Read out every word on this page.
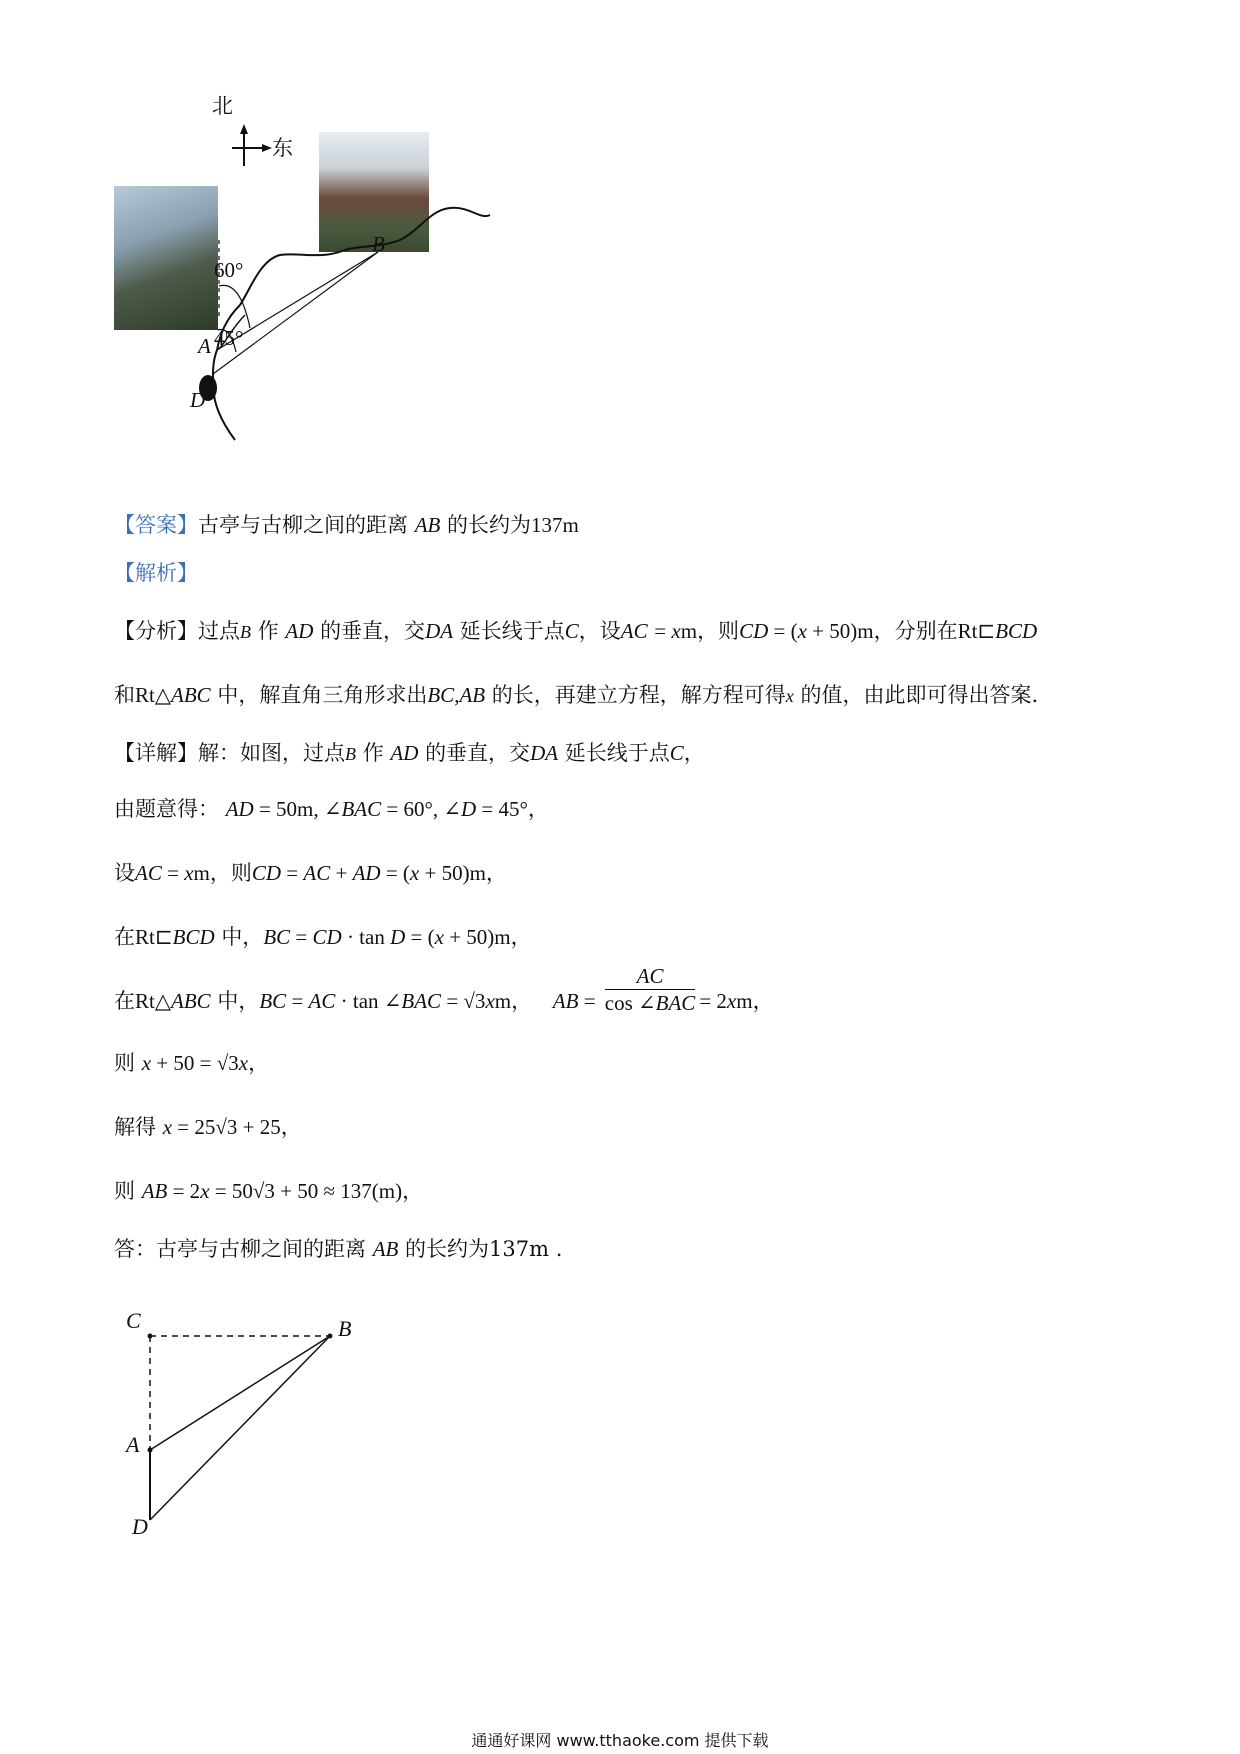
北
东
B
A
D
60°
45°
【答案】古亭与古柳之间的距离 AB 的长约为137m
【解析】
【分析】过点B 作 AD 的垂直，交DA 延长线于点C，设AC = xm，则CD = (x + 50)m，分别在Rt⊏BCD
和Rt△ABC 中，解直角三角形求出BC,AB 的长，再建立方程，解方程可得x 的值，由此即可得出答案.
【详解】解：如图，过点B 作 AD 的垂直，交DA 延长线于点C，
由题意得： AD = 50m, ∠BAC = 60°, ∠D = 45°，
设AC = xm，则CD = AC + AD = (x + 50)m，
在Rt⊏BCD 中，BC = CD · tan D = (x + 50)m，
在Rt△ABC 中，BC = AC · tan ∠BAC = √3xm， AB = $\frac{AC}{\text{cos ∠BAC}} = 2xm$，
则 x + 50 = √3x，
解得 x = 25√3 + 25，
则 AB = 2x = 50√3 + 50 ≈ 137(m)，
答：古亭与古柳之间的距离 AB 的长约为137m .
C	B
A
D
通通好课网 www.tthaoke.com 提供下载
